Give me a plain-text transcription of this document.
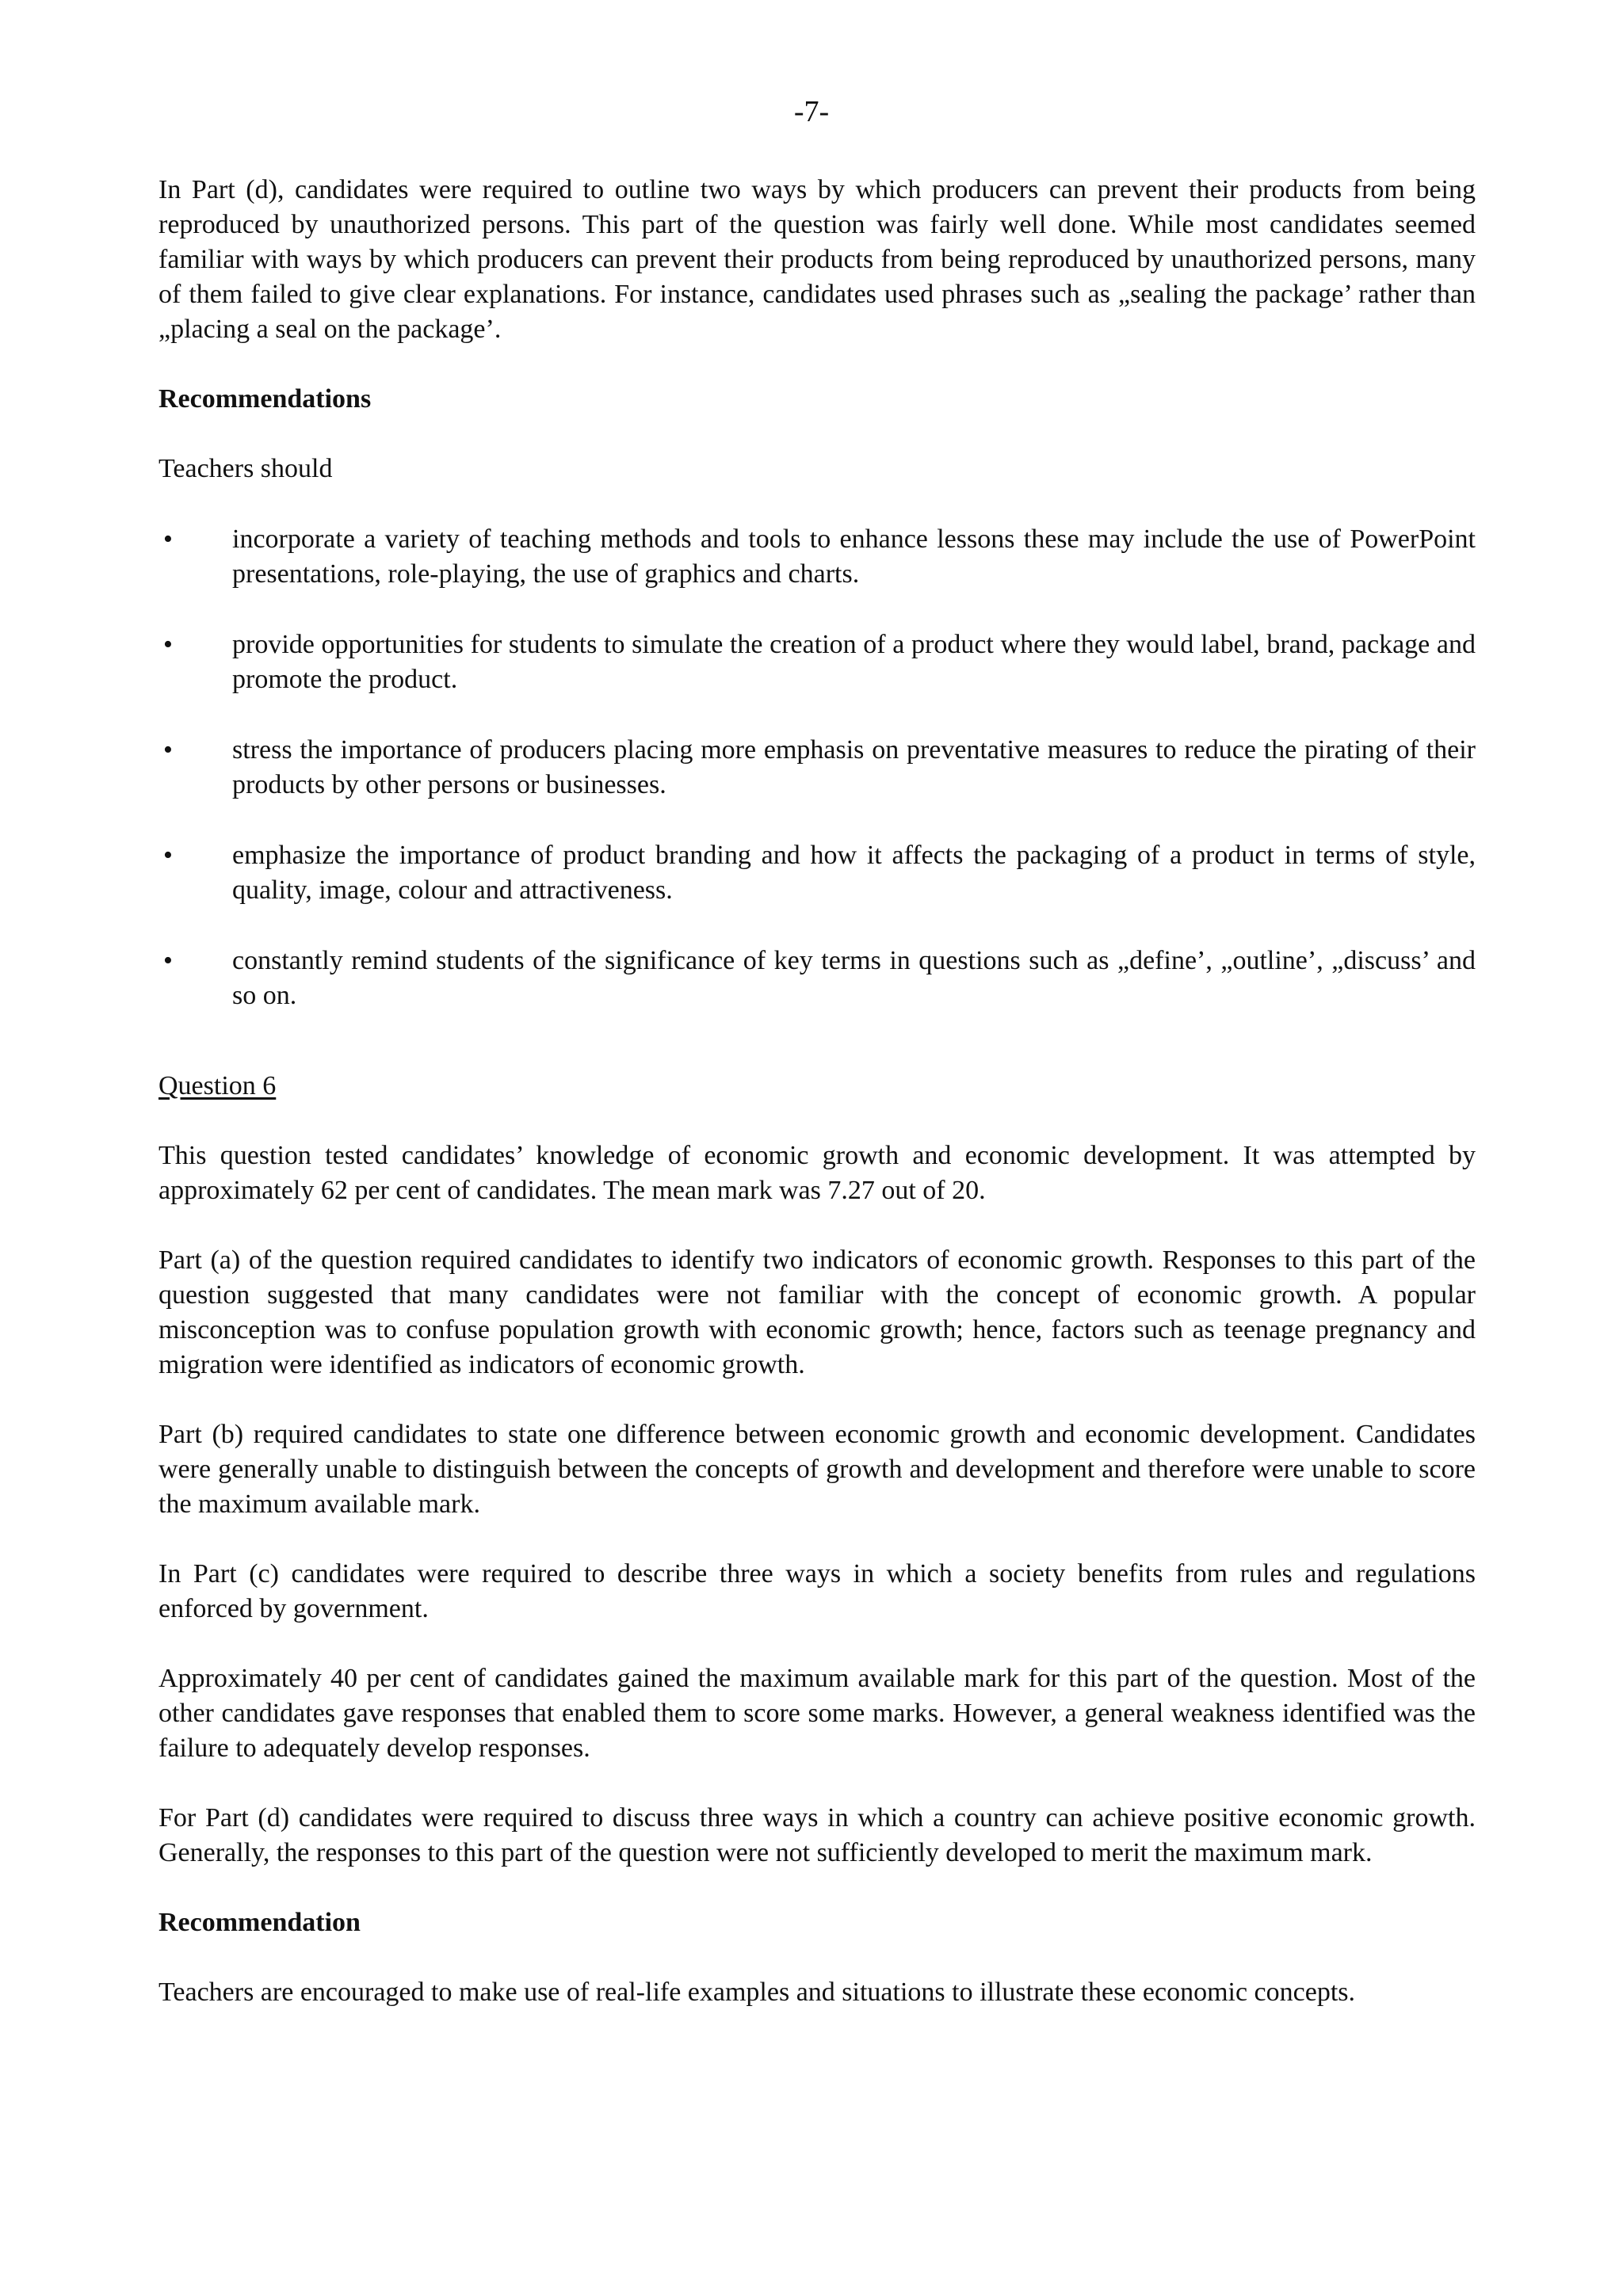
-7-

In Part (d), candidates were required to outline two ways by which producers can prevent their products from being reproduced by unauthorized persons. This part of the question was fairly well done. While most candidates seemed familiar with ways by which producers can prevent their products from being reproduced by unauthorized persons, many of them failed to give clear explanations. For instance, candidates used phrases such as „sealing the package’ rather than „placing a seal on the package’.

Recommendations

Teachers should

•	incorporate a variety of teaching methods and tools to enhance lessons these may include the use of PowerPoint presentations, role-playing, the use of graphics and charts.
•	provide opportunities for students to simulate the creation of a product where they would label, brand, package and promote the product.
•	stress the importance of producers placing more emphasis on preventative measures to reduce the pirating of their products by other persons or businesses.
•	emphasize the importance of product branding and how it affects the packaging of a product in terms of style, quality, image, colour and attractiveness.
•	constantly remind students of the significance of key terms in questions such as „define’, „outline’, „discuss’ and so on.

Question 6

This question tested candidates’ knowledge of economic growth and economic development. It was attempted by approximately 62 per cent of candidates. The mean mark was 7.27 out of 20.

Part (a) of the question required candidates to identify two indicators of economic growth. Responses to this part of the question suggested that many candidates were not familiar with the concept of economic growth. A popular misconception was to confuse population growth with economic growth; hence, factors such as teenage pregnancy and migration were identified as indicators of economic growth.

Part (b) required candidates to state one difference between economic growth and economic development. Candidates were generally unable to distinguish between the concepts of growth and development and therefore were unable to score the maximum available mark.

In Part (c) candidates were required to describe three ways in which a society benefits from rules and regulations enforced by government.

Approximately 40 per cent of candidates gained the maximum available mark for this part of the question. Most of the other candidates gave responses that enabled them to score some marks. However, a general weakness identified was the failure to adequately develop responses.

For Part (d) candidates were required to discuss three ways in which a country can achieve positive economic growth. Generally, the responses to this part of the question were not sufficiently developed to merit the maximum mark.

Recommendation

Teachers are encouraged to make use of real-life examples and situations to illustrate these economic concepts.
